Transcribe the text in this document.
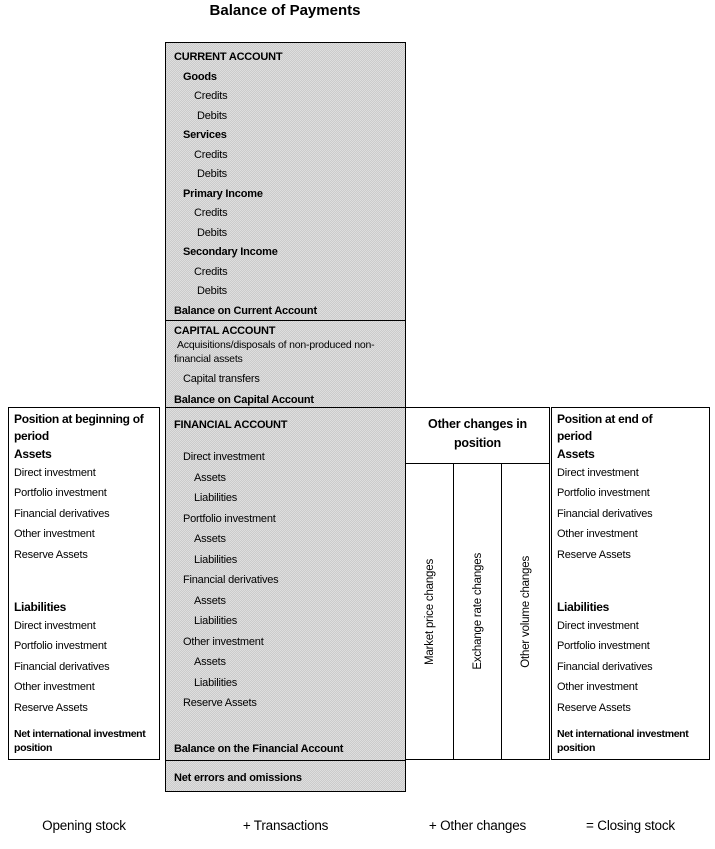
Balance of Payments
CURRENT ACCOUNT
Goods
Credits
Debits
Services
Credits
Debits
Primary Income
Credits
Debits
Secondary Income
Credits
Debits
Balance on Current Account
CAPITAL ACCOUNT
Acquisitions/disposals of non-produced non-financial assets
Capital transfers
Balance on Capital Account
FINANCIAL ACCOUNT
Direct investment
Assets
Liabilities
Portfolio investment
Assets
Liabilities
Financial derivatives
Assets
Liabilities
Other investment
Assets
Liabilities
Reserve Assets
Balance on the Financial Account
Net errors and omissions
Position at beginning of period
Assets
Direct investment
Portfolio investment
Financial derivatives
Other investment
Reserve Assets
Liabilities
Direct investment
Portfolio investment
Financial derivatives
Other investment
Reserve Assets
Net international investment position
Other changes in position
Market price changes	Exchange rate changes	Other volume changes
Position at end of period
Assets
Direct investment
Portfolio investment
Financial derivatives
Other investment
Reserve Assets
Liabilities
Direct investment
Portfolio investment
Financial derivatives
Other investment
Reserve Assets
Net international investment position
Opening stock	+ Transactions	+ Other changes	= Closing stock
